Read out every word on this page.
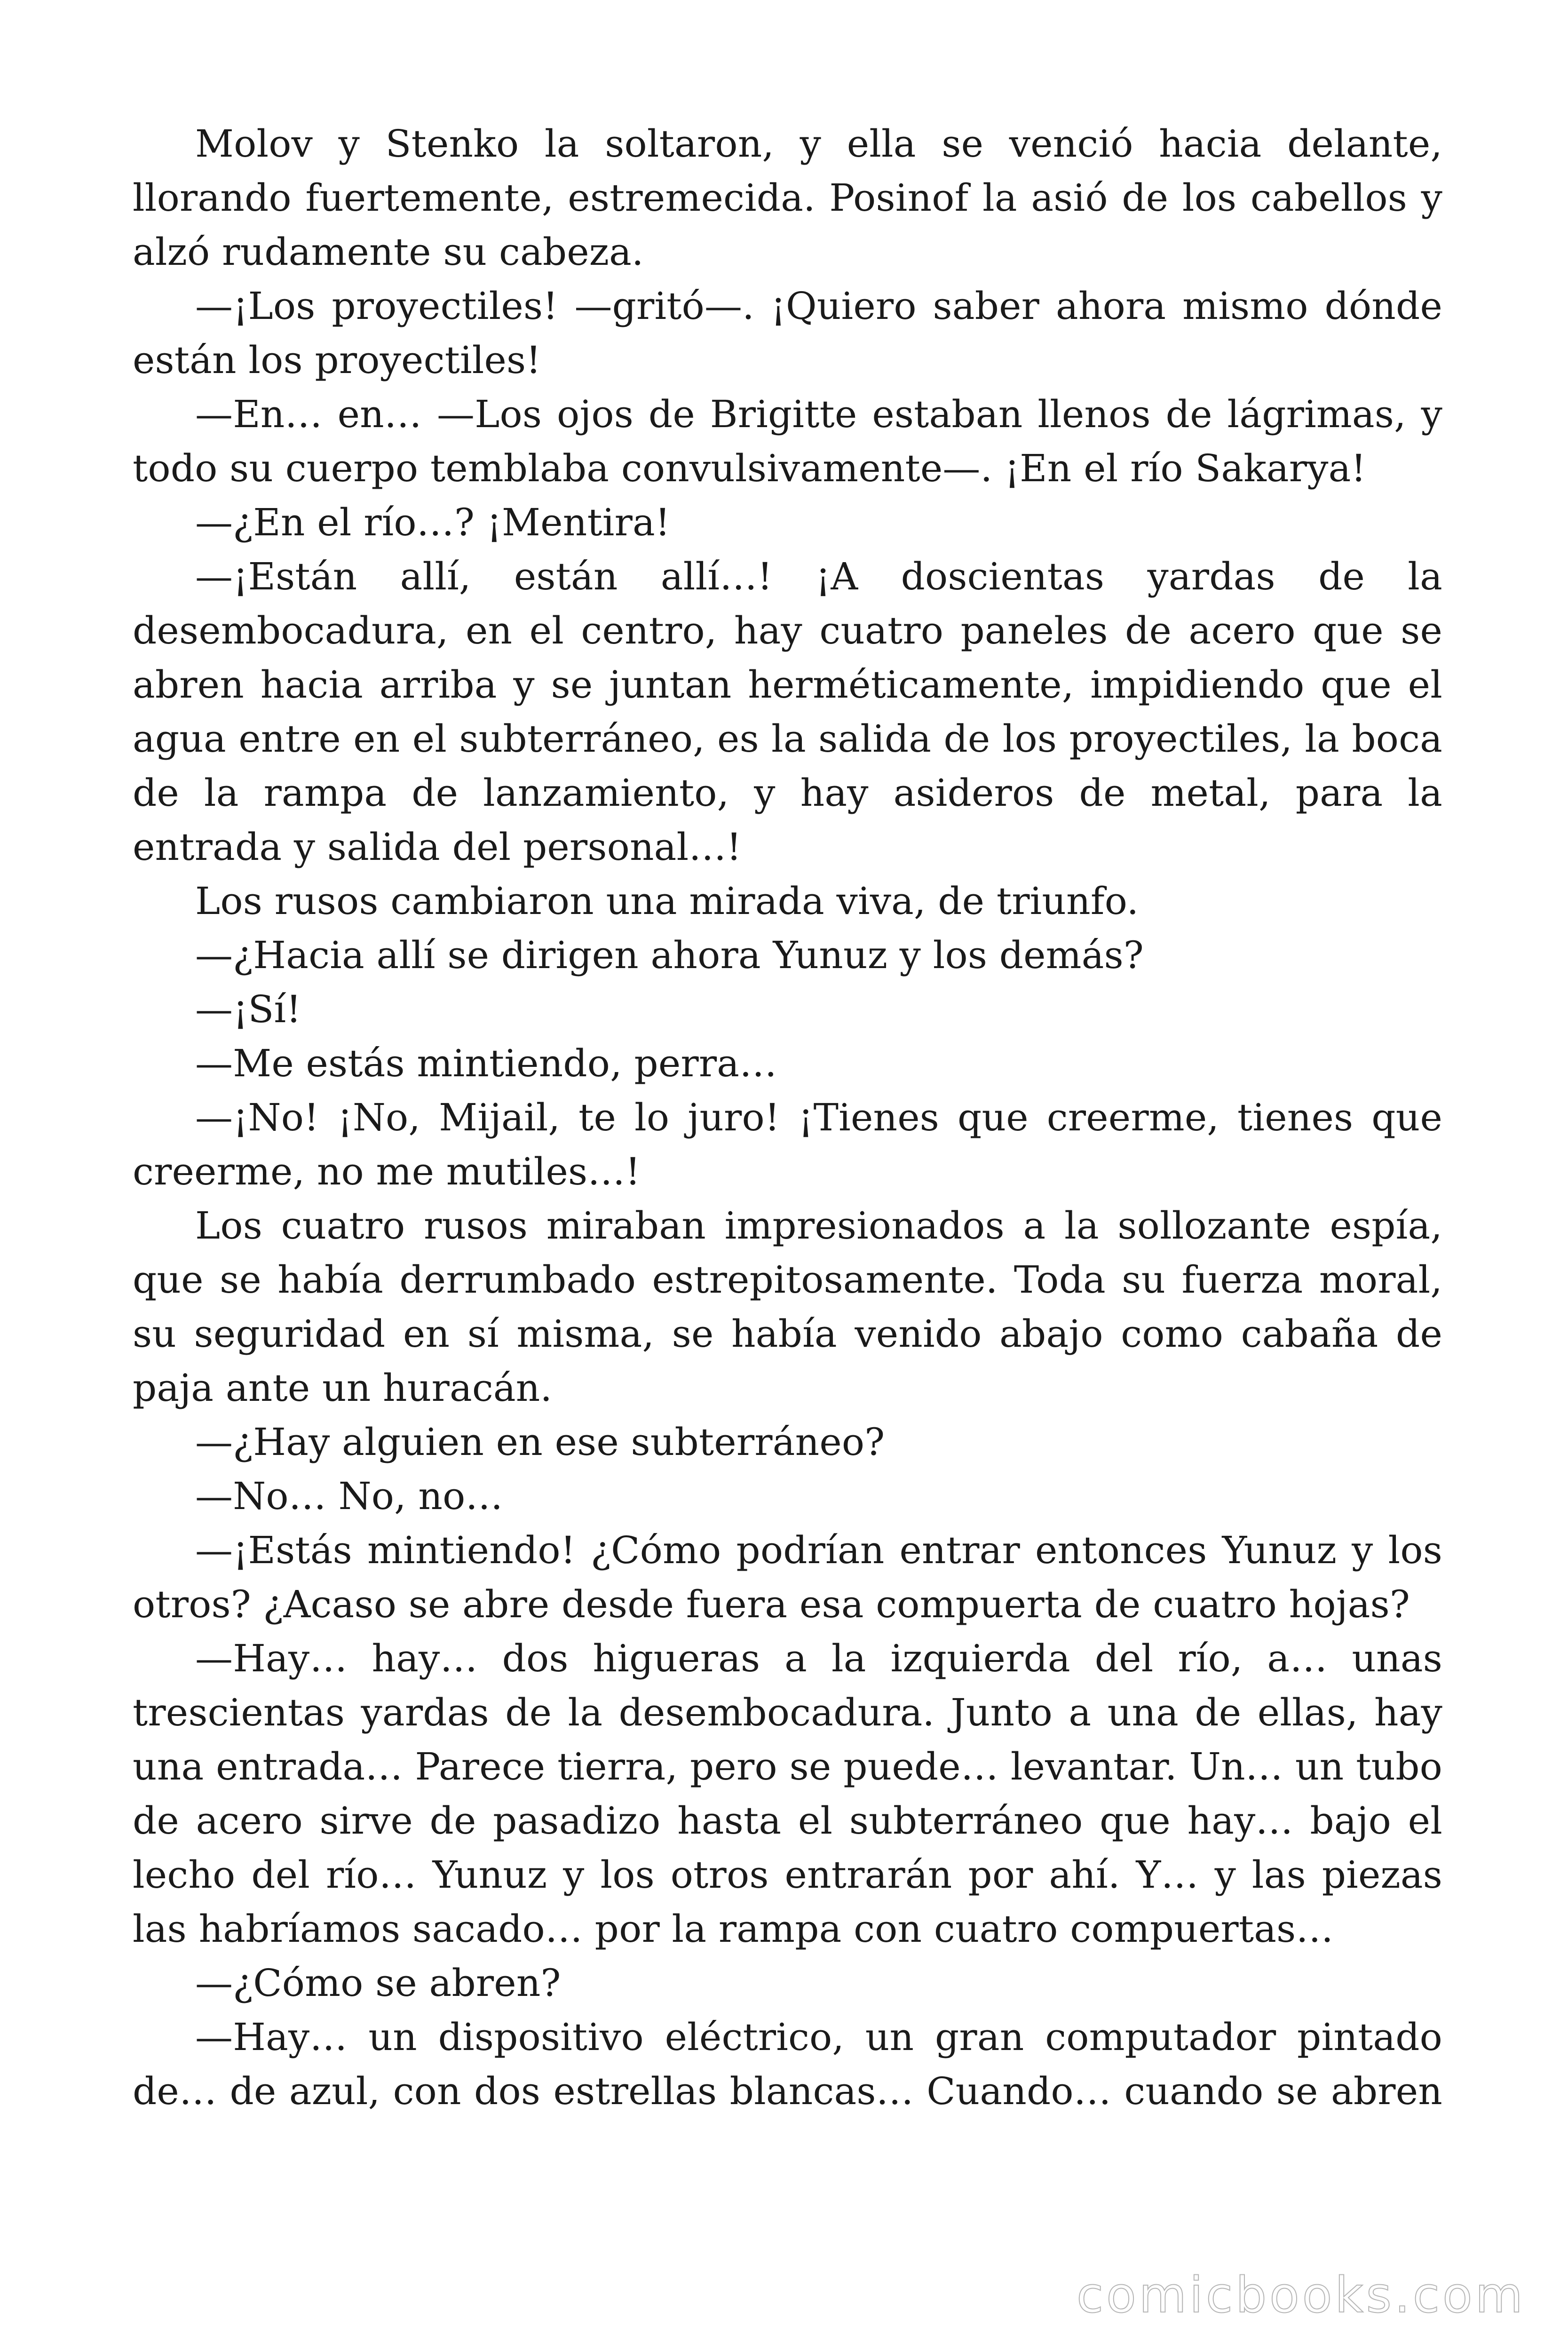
Molov y Stenko la soltaron, y ella se venció hacia delante, llorando fuertemente, estremecida. Posinof la asió de los cabellos y alzó rudamente su cabeza.

—¡Los proyectiles! —gritó—. ¡Quiero saber ahora mismo dónde están los proyectiles!

—En… en… —Los ojos de Brigitte estaban llenos de lágrimas, y todo su cuerpo temblaba convulsivamente—. ¡En el río Sakarya!

—¿En el río…? ¡Mentira!

—¡Están allí, están allí…! ¡A doscientas yardas de la desembocadura, en el centro, hay cuatro paneles de acero que se abren hacia arriba y se juntan herméticamente, impidiendo que el agua entre en el subterráneo, es la salida de los proyectiles, la boca de la rampa de lanzamiento, y hay asideros de metal, para la entrada y salida del personal…!

Los rusos cambiaron una mirada viva, de triunfo.

—¿Hacia allí se dirigen ahora Yunuz y los demás?

—¡Sí!

—Me estás mintiendo, perra…

—¡No! ¡No, Mijail, te lo juro! ¡Tienes que creerme, tienes que creerme, no me mutiles…!

Los cuatro rusos miraban impresionados a la sollozante espía, que se había derrumbado estrepitosamente. Toda su fuerza moral, su seguridad en sí misma, se había venido abajo como cabaña de paja ante un huracán.

—¿Hay alguien en ese subterráneo?

—No… No, no…

—¡Estás mintiendo! ¿Cómo podrían entrar entonces Yunuz y los otros? ¿Acaso se abre desde fuera esa compuerta de cuatro hojas?

—Hay… hay… dos higueras a la izquierda del río, a… unas trescientas yardas de la desembocadura. Junto a una de ellas, hay una entrada… Parece tierra, pero se puede… levantar. Un… un tubo de acero sirve de pasadizo hasta el subterráneo que hay… bajo el lecho del río… Yunuz y los otros entrarán por ahí. Y… y las piezas las habríamos sacado… por la rampa con cuatro compuertas…

—¿Cómo se abren?

—Hay… un dispositivo eléctrico, un gran computador pintado de… de azul, con dos estrellas blancas… Cuando… cuando se abren

comicbooks.com
